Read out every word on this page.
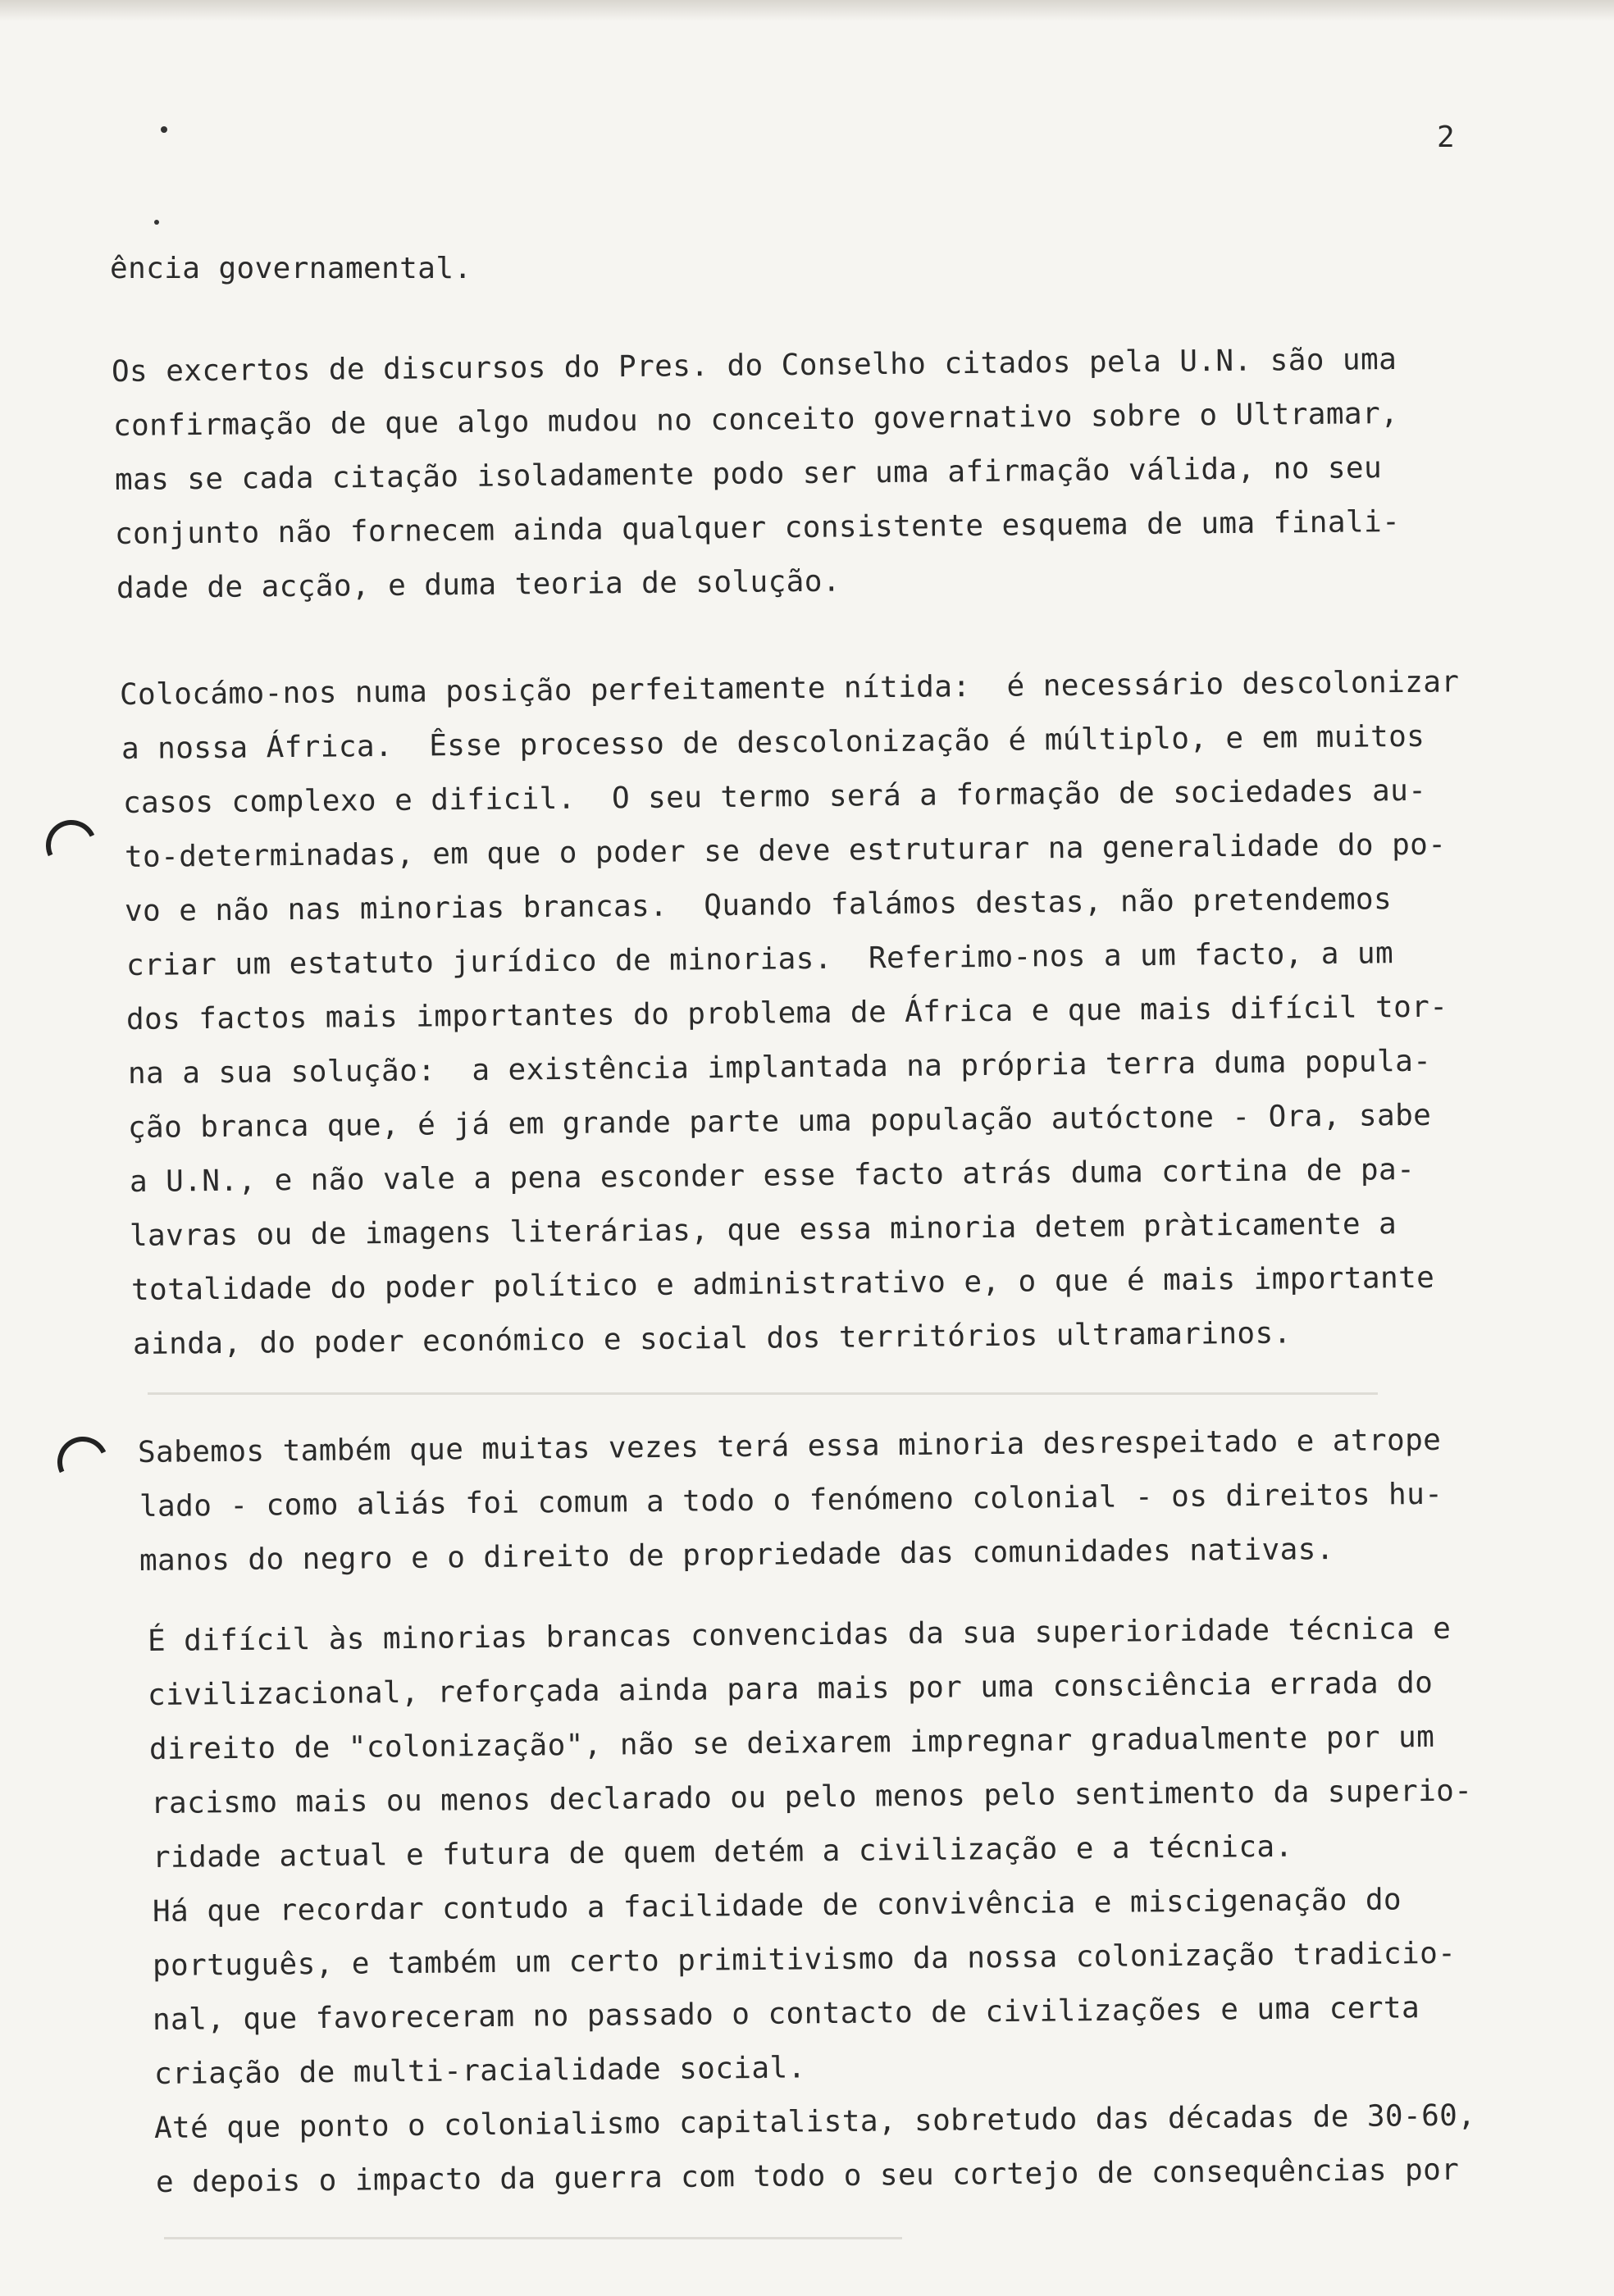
2
ência governamental.
Os excertos de discursos do Pres. do Conselho citados pela U.N. são uma
confirmação de que algo mudou no conceito governativo sobre o Ultramar,
mas se cada citação isoladamente podo ser uma afirmação válida, no seu
conjunto não fornecem ainda qualquer consistente esquema de uma finali-
dade de acção, e duma teoria de solução.
Colocámo-nos numa posição perfeitamente nítida:  é necessário descolonizar
a nossa África.  Êsse processo de descolonização é múltiplo, e em muitos
casos complexo e dificil.  O seu termo será a formação de sociedades au-
to-determinadas, em que o poder se deve estruturar na generalidade do po-
vo e não nas minorias brancas.  Quando falámos destas, não pretendemos
criar um estatuto jurídico de minorias.  Referimo-nos a um facto, a um
dos factos mais importantes do problema de África e que mais difícil tor-
na a sua solução:  a existência implantada na própria terra duma popula-
ção branca que, é já em grande parte uma população autóctone - Ora, sabe
a U.N., e não vale a pena esconder esse facto atrás duma cortina de pa-
lavras ou de imagens literárias, que essa minoria detem pràticamente a
totalidade do poder político e administrativo e, o que é mais importante
ainda, do poder económico e social dos territórios ultramarinos.
Sabemos também que muitas vezes terá essa minoria desrespeitado e atrope
lado - como aliás foi comum a todo o fenómeno colonial - os direitos hu-
manos do negro e o direito de propriedade das comunidades nativas.
É difícil às minorias brancas convencidas da sua superioridade técnica e
civilizacional, reforçada ainda para mais por uma consciência errada do
direito de "colonização", não se deixarem impregnar gradualmente por um
racismo mais ou menos declarado ou pelo menos pelo sentimento da superio-
ridade actual e futura de quem detém a civilização e a técnica.
Há que recordar contudo a facilidade de convivência e miscigenação do
português, e também um certo primitivismo da nossa colonização tradicio-
nal, que favoreceram no passado o contacto de civilizações e uma certa
criação de multi-racialidade social.
Até que ponto o colonialismo capitalista, sobretudo das décadas de 30-60,
e depois o impacto da guerra com todo o seu cortejo de consequências por
